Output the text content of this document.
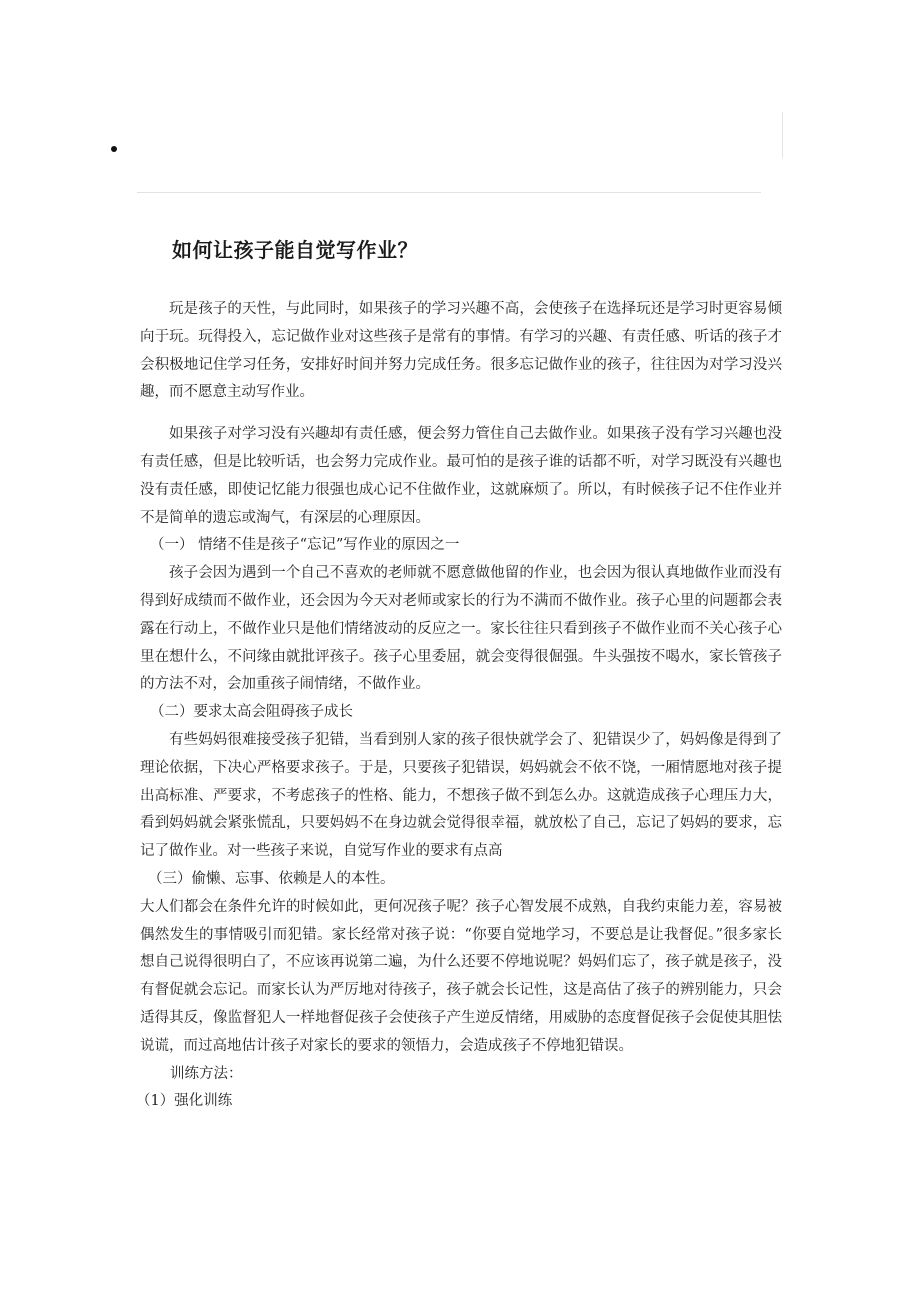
如何让孩子能自觉写作业？

玩是孩子的天性，与此同时，如果孩子的学习兴趣不高，会使孩子在选择玩还是学习时更容易倾向于玩。玩得投入，忘记做作业对这些孩子是常有的事情。有学习的兴趣、有责任感、听话的孩子才会积极地记住学习任务，安排好时间并努力完成任务。很多忘记做作业的孩子，往往因为对学习没兴趣，而不愿意主动写作业。

如果孩子对学习没有兴趣却有责任感，便会努力管住自己去做作业。如果孩子没有学习兴趣也没有责任感，但是比较听话，也会努力完成作业。最可怕的是孩子谁的话都不听，对学习既没有兴趣也没有责任感，即使记忆能力很强也成心记不住做作业，这就麻烦了。所以，有时候孩子记不住作业并不是简单的遗忘或淘气，有深层的心理原因。

（一） 情绪不佳是孩子“忘记”写作业的原因之一

孩子会因为遇到一个自己不喜欢的老师就不愿意做他留的作业，也会因为很认真地做作业而没有得到好成绩而不做作业，还会因为今天对老师或家长的行为不满而不做作业。孩子心里的问题都会表露在行动上，不做作业只是他们情绪波动的反应之一。家长往往只看到孩子不做作业而不关心孩子心里在想什么，不问缘由就批评孩子。孩子心里委屈，就会变得很倔强。牛头强按不喝水，家长管孩子的方法不对，会加重孩子闹情绪，不做作业。

（二）要求太高会阻碍孩子成长

有些妈妈很难接受孩子犯错，当看到别人家的孩子很快就学会了、犯错误少了，妈妈像是得到了理论依据，下决心严格要求孩子。于是，只要孩子犯错误，妈妈就会不依不饶，一厢情愿地对孩子提出高标准、严要求，不考虑孩子的性格、能力，不想孩子做不到怎么办。这就造成孩子心理压力大，看到妈妈就会紧张慌乱，只要妈妈不在身边就会觉得很幸福，就放松了自己，忘记了妈妈的要求，忘记了做作业。对一些孩子来说，自觉写作业的要求有点高

（三）偷懒、忘事、依赖是人的本性。

大人们都会在条件允许的时候如此，更何况孩子呢？孩子心智发展不成熟，自我约束能力差，容易被偶然发生的事情吸引而犯错。家长经常对孩子说：“你要自觉地学习，不要总是让我督促。”很多家长想自己说得很明白了，不应该再说第二遍，为什么还要不停地说呢？妈妈们忘了，孩子就是孩子，没有督促就会忘记。而家长认为严厉地对待孩子，孩子就会长记性，这是高估了孩子的辨别能力，只会适得其反，像监督犯人一样地督促孩子会使孩子产生逆反情绪，用威胁的态度督促孩子会促使其胆怯说谎，而过高地估计孩子对家长的要求的领悟力，会造成孩子不停地犯错误。

训练方法：

（1）强化训练
